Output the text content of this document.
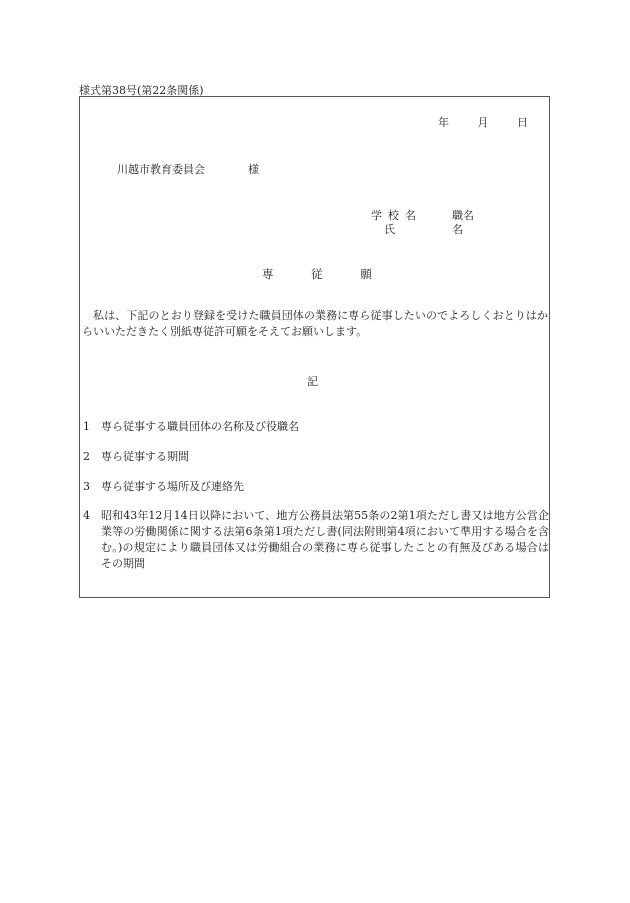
様式第38号(第22条関係)
年	月	日
川越市教育委員会	様
学校名	職名
氏	名
専	従	願
私は、下記のとおり登録を受けた職員団体の業務に専ら従事したいのでよろしくおとりはからいいただきたく別紙専従許可願をそえてお願いします。
記
1 専ら従事する職員団体の名称及び役職名
2 専ら従事する期間
3 専ら従事する場所及び連絡先
4	昭和43年12月14日以降において、地方公務員法第55条の2第1項ただし書又は地方公営企業等の労働関係に関する法第6条第1項ただし書(同法附則第4項において準用する場合を含む。)の規定により職員団体又は労働組合の業務に専ら従事したことの有無及びある場合はその期間
